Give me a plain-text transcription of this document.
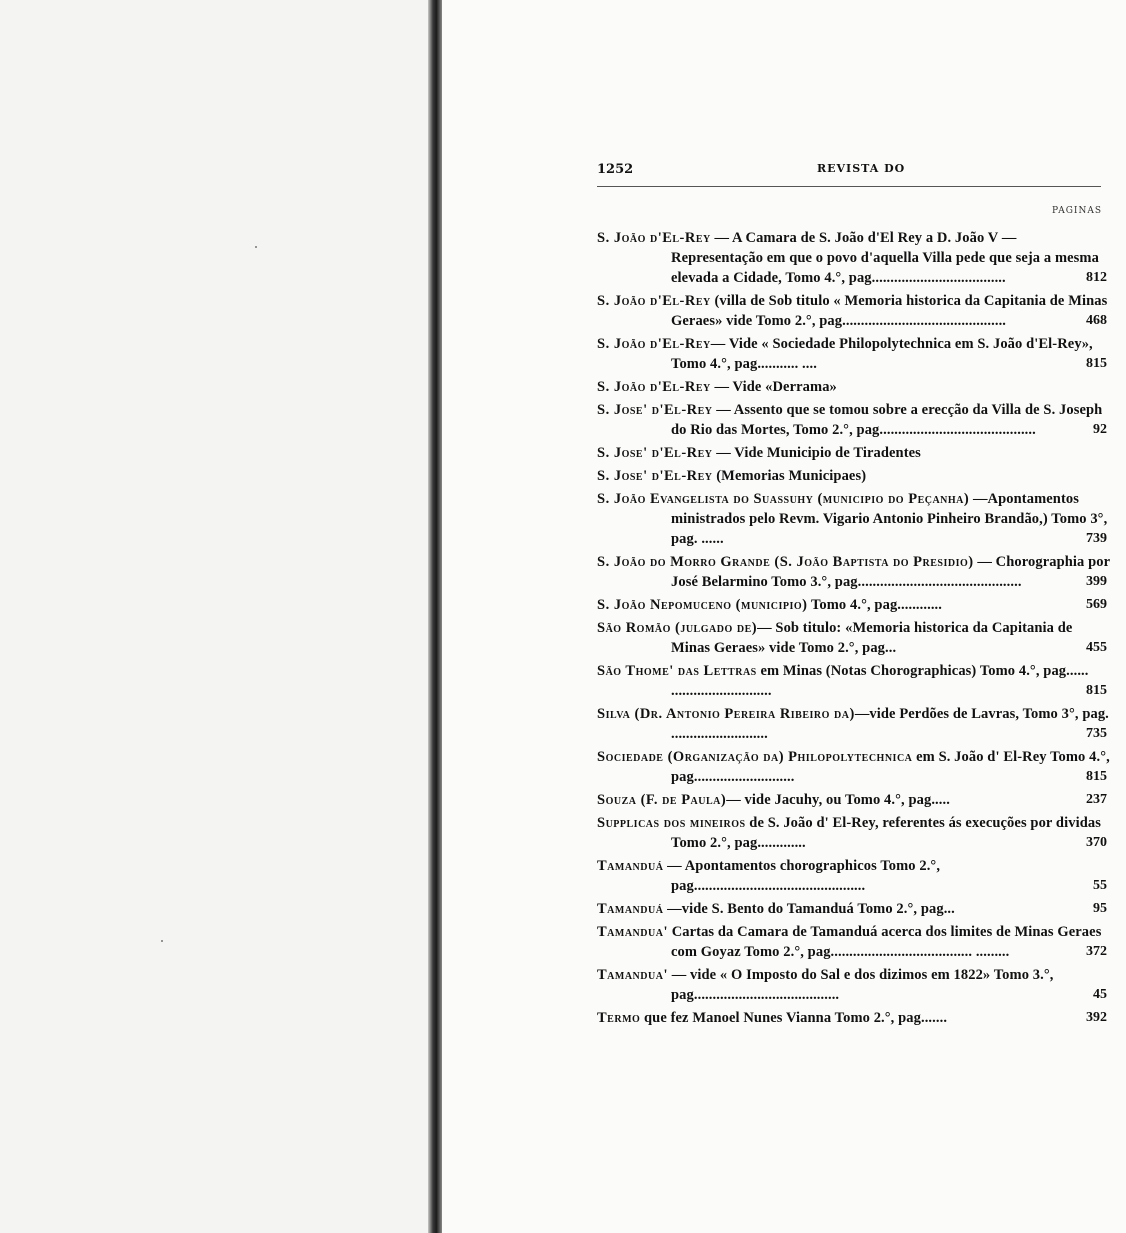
1252	REVISTA DO
PAGINAS
S. João d'El-Rey — A Camara de S. João d'El Rey a D. João V — Representação em que o povo d'aquella Villa pede que seja a mesma elevada a Cidade, Tomo 4.°, pag....................................	812
S. João d'El-Rey (villa de Sob titulo « Memoria historica da Capitania de Minas Geraes» vide Tomo 2.°, pag............................................	468
S. João d'El-Rey— Vide « Sociedade Philopolytechnica em S. João d'El-Rey», Tomo 4.°, pag........... ....	815
S. João d'El-Rey — Vide «Derrama»
S. Jose' d'El-Rey — Assento que se tomou sobre a erecção da Villa de S. Joseph do Rio das Mortes, Tomo 2.°, pag..........................................	92
S. Jose' d'El-Rey — Vide Municipio de Tiradentes
S. Jose' d'El-Rey (Memorias Municipaes)
S. João Evangelista do Suassuhy (municipio do Peçanha) —Apontamentos ministrados pelo Revm. Vigario Antonio Pinheiro Brandão,) Tomo 3°, pag. ......	739
S. João do Morro Grande (S. João Baptista do Presidio) — Chorographia por José Belarmino Tomo 3.°, pag............................................	399
S. João Nepomuceno (municipio) Tomo 4.°, pag............	569
São Romão (julgado de)— Sob titulo: «Memoria historica da Capitania de Minas Geraes» vide Tomo 2.°, pag...	455
São Thome' das Lettras em Minas (Notas Chorographicas) Tomo 4.°, pag...... ...........................	815
Silva (Dr. Antonio Pereira Ribeiro da)—vide Perdões de Lavras, Tomo 3°, pag. ..........................	735
Sociedade (Organização da) Philopolytechnica em S. João d' El-Rey Tomo 4.°, pag...........................	815
Souza (F. de Paula)— vide Jacuhy, ou Tomo 4.°, pag.....	237
Supplicas dos mineiros de S. João d' El-Rey, referentes ás execuções por dividas Tomo 2.°, pag.............	370
Tamanduá — Apontamentos chorographicos Tomo 2.°, pag..............................................	55
Tamanduá —vide S. Bento do Tamanduá Tomo 2.°, pag...	95
Tamandua' Cartas da Camara de Tamanduá acerca dos limites de Minas Geraes com Goyaz Tomo 2.°, pag...................................... .........	372
Tamandua' — vide « O Imposto do Sal e dos dizimos em 1822» Tomo 3.°, pag.......................................	45
Termo que fez Manoel Nunes Vianna Tomo 2.°, pag.......	392
